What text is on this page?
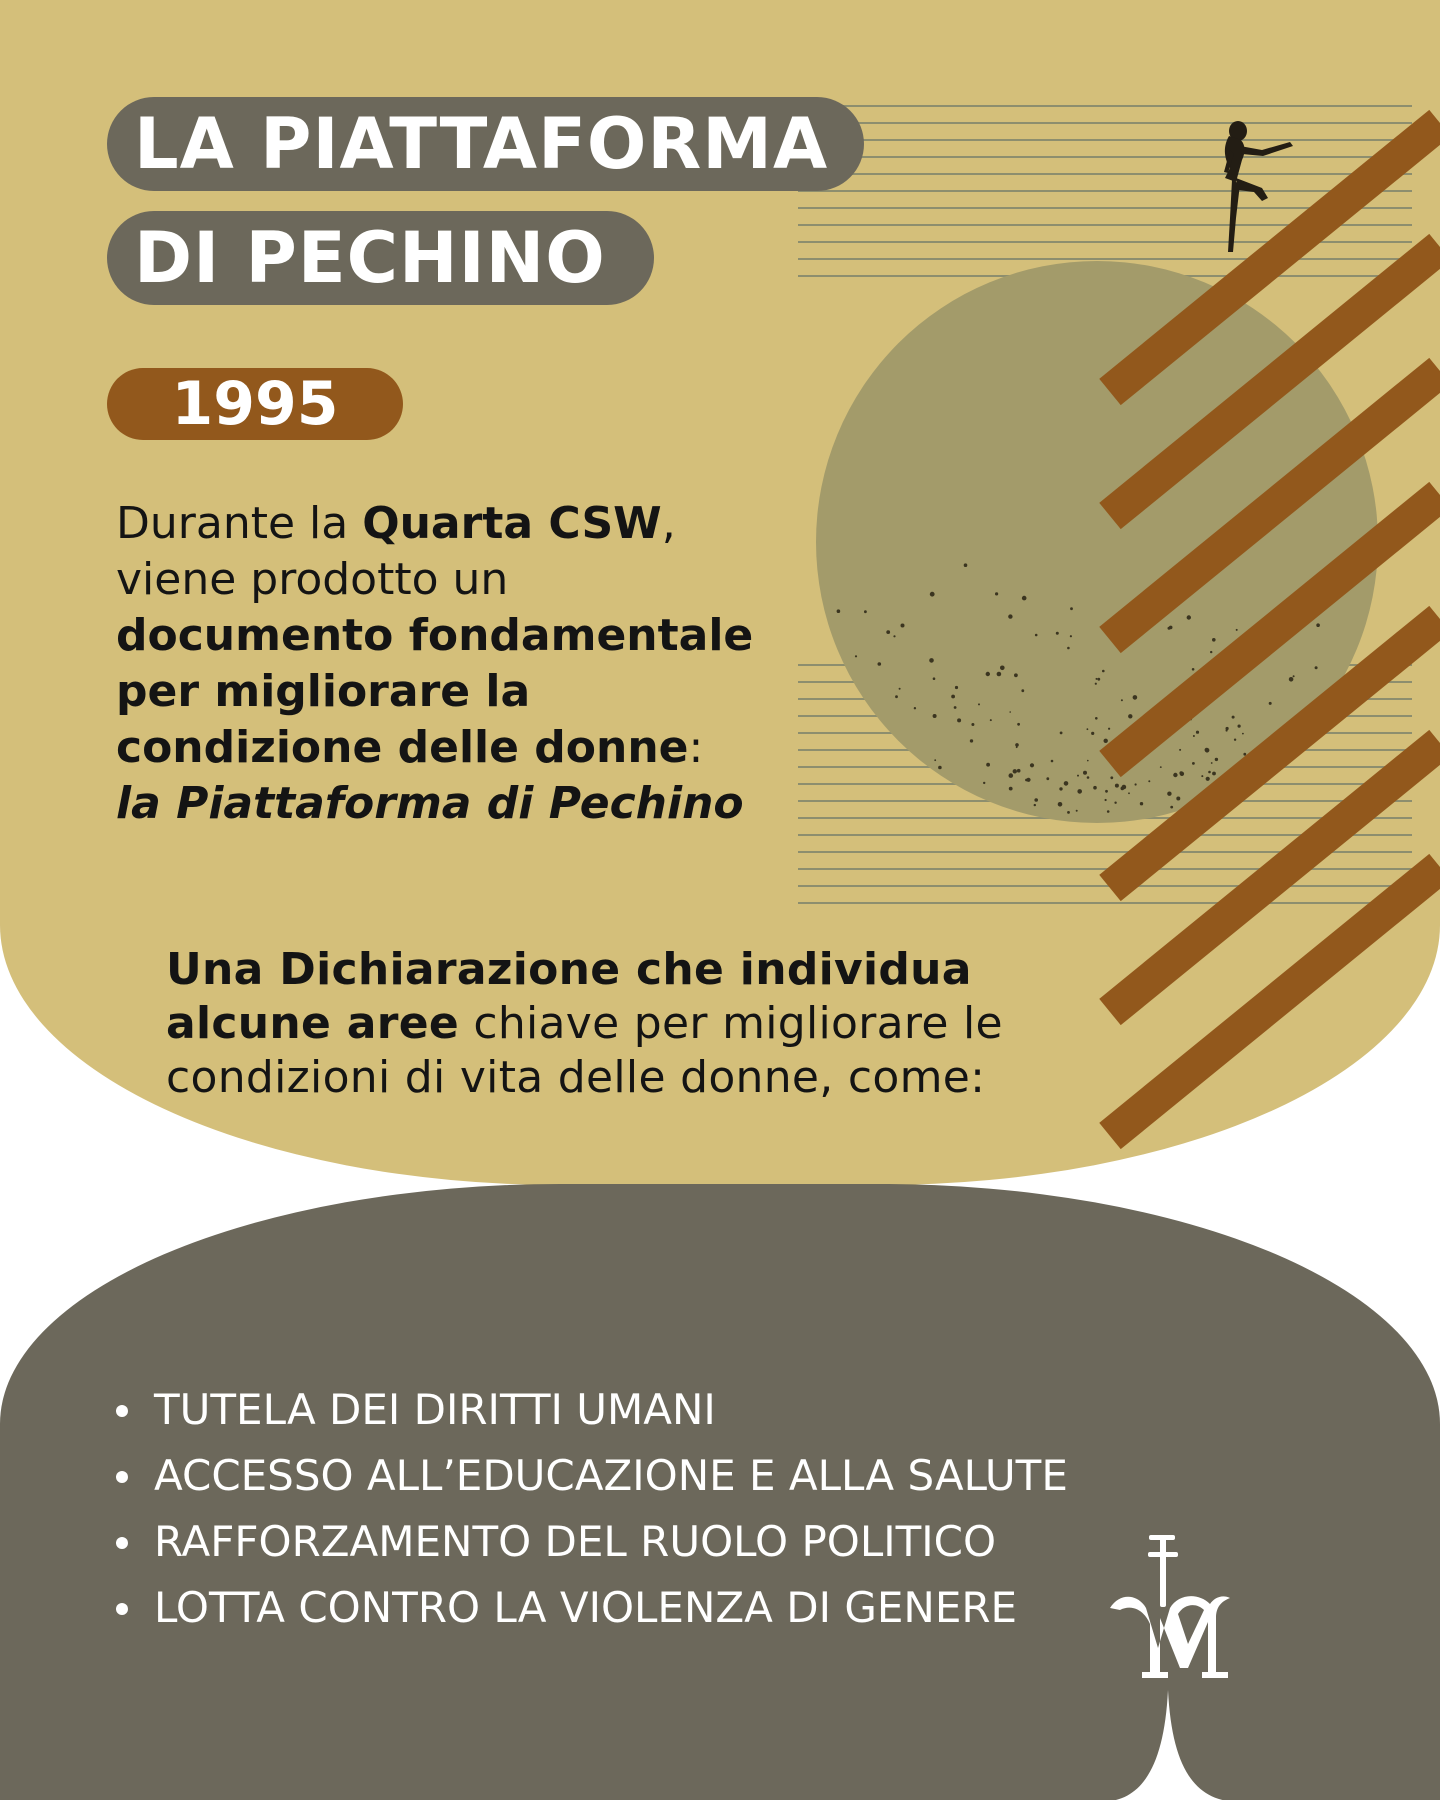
LA PIATTAFORMA
DI PECHINO
1995
Durante la Quarta CSW,
viene prodotto un
documento fondamentale per migliorare la condizione delle donne:
la Piattaforma di Pechino
Una Dichiarazione che individua alcune aree chiave per migliorare le condizioni di vita delle donne, come:
TUTELA DEI DIRITTI UMANI
ACCESSO ALL’EDUCAZIONE E ALLA SALUTE
RAFFORZAMENTO DEL RUOLO POLITICO
LOTTA CONTRO LA VIOLENZA DI GENERE
